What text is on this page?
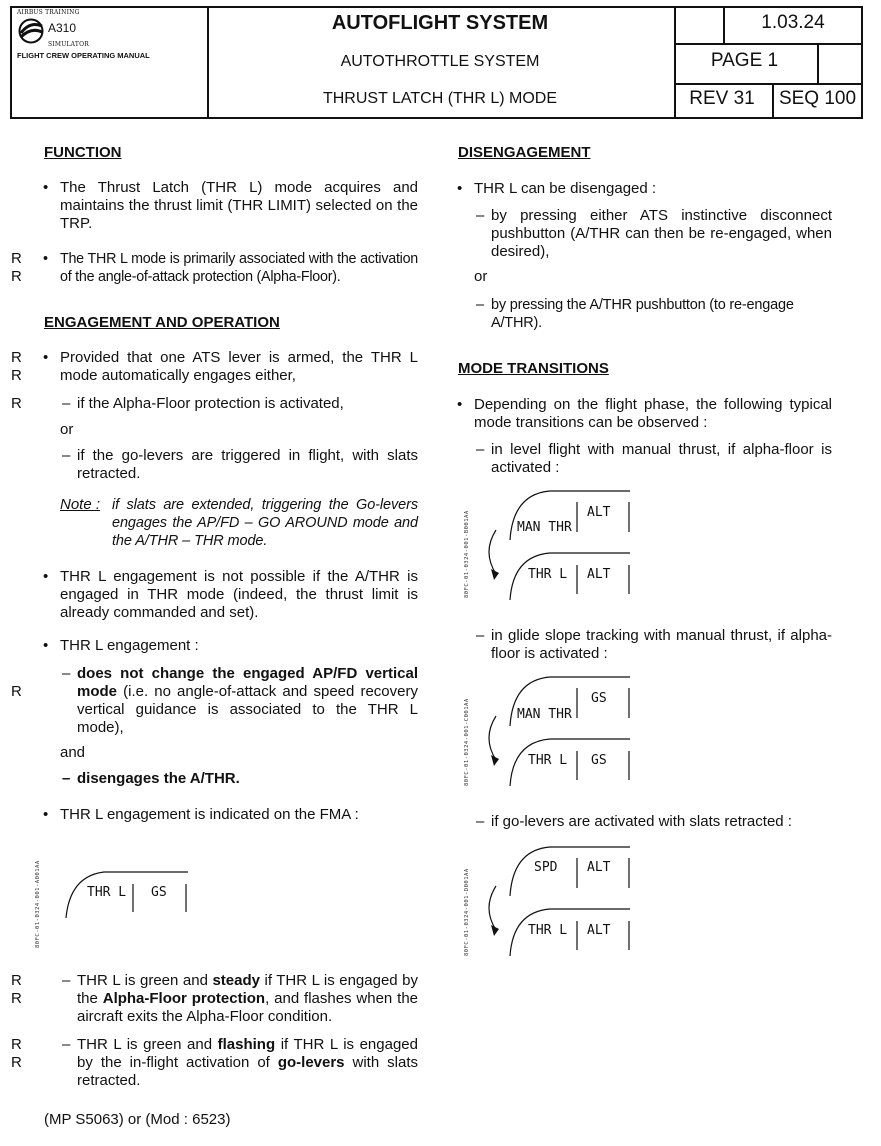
AIRBUS TRAINING
A310
SIMULATOR
FLIGHT CREW OPERATING MANUAL
AUTOFLIGHT SYSTEM
AUTOTHROTTLE SYSTEM
THRUST LATCH (THR L) MODE
1.03.24
PAGE 1
REV 31	SEQ 100
FUNCTION
• The Thrust Latch (THR L) mode acquires and maintains the thrust limit (THR LIMIT) selected on the TRP.
R
R
• The THR L mode is primarily associated with the activation of the angle-of-attack protection (Alpha-Floor).
ENGAGEMENT AND OPERATION
R
R
• Provided that one ATS lever is armed, the THR L mode automatically engages either,
R
–	if the Alpha-Floor protection is activated,
or
– if the go-levers are triggered in flight, with slats retracted.
Note : if slats are extended, triggering the Go-levers engages the AP/FD – GO AROUND mode and the A/THR – THR mode.
• THR L engagement is not possible if the A/THR is engaged in THR mode (indeed, the thrust limit is already commanded and set).
• THR L engagement :
R
– does not change the engaged AP/FD vertical mode (i.e. no angle-of-attack and speed recovery vertical guidance is associated to the THR L mode),
and
– disengages the A/THR.
• THR L engagement is indicated on the FMA :
80FC-01-0324-001-A001AA	THR L GS
R
R
– THR L is green and steady if THR L is engaged by the Alpha-Floor protection, and flashes when the aircraft exits the Alpha-Floor condition.
R
R
– THR L is green and flashing if THR L is engaged by the in-flight activation of go-levers with slats retracted.
(MP S5063) or (Mod : 6523)
DISENGAGEMENT
• THR L can be disengaged :
– by pressing either ATS instinctive disconnect pushbutton (A/THR can then be re-engaged, when desired),
or
– by pressing the A/THR pushbutton (to re-engage A/THR).
MODE TRANSITIONS
• Depending on the flight phase, the following typical mode transitions can be observed :
– in level flight with manual thrust, if alpha-floor is activated :
80FC-01-0324-001-B001AA	MAN THR
ALT
THR L ALT
– in glide slope tracking with manual thrust, if alpha-floor is activated :
80FC-01-0324-001-C001AA	MAN THR
GS
THR L GS
– if go-levers are activated with slats retracted :
80FC-01-0324-001-D001AA
SPD ALT
THR L ALT
